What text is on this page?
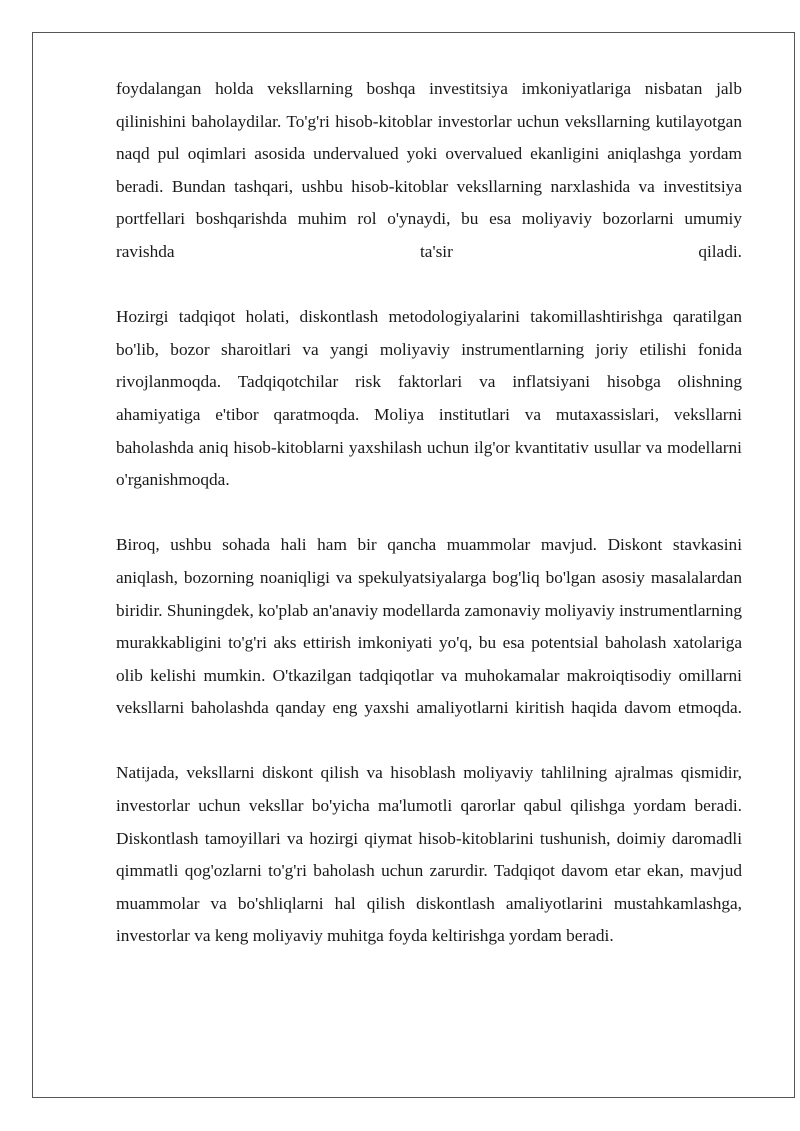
foydalangan holda veksllarning boshqa investitsiya imkoniyatlariga nisbatan jalb qilinishini baholaydilar. To'g'ri hisob-kitoblar investorlar uchun veksllarning kutilayotgan naqd pul oqimlari asosida undervalued yoki overvalued ekanligini aniqlashga yordam beradi. Bundan tashqari, ushbu hisob-kitoblar veksllarning narxlashida va investitsiya portfellari boshqarishda muhim rol o'ynaydi, bu esa moliyaviy bozorlarni umumiy ravishda ta'sir qiladi.

Hozirgi tadqiqot holati, diskontlash metodologiyalarini takomillashtirishga qaratilgan bo'lib, bozor sharoitlari va yangi moliyaviy instrumentlarning joriy etilishi fonida rivojlanmoqda. Tadqiqotchilar risk faktorlari va inflatsiyani hisobga olishning ahamiyatiga e'tibor qaratmoqda. Moliya institutlari va mutaxassislari, veksllarni baholashda aniq hisob-kitoblarni yaxshilash uchun ilg'or kvantitativ usullar va modellarni o'rganishmoqda.

Biroq, ushbu sohada hali ham bir qancha muammolar mavjud. Diskont stavkasini aniqlash, bozorning noaniqligi va spekulyatsiyalarga bog'liq bo'lgan asosiy masalalardan biridir. Shuningdek, ko'plab an'anaviy modellarda zamonaviy moliyaviy instrumentlarning murakkabligini to'g'ri aks ettirish imkoniyati yo'q, bu esa potentsial baholash xatolariga olib kelishi mumkin. O'tkazilgan tadqiqotlar va muhokamalar makroiqtisodiy omillarni veksllarni baholashda qanday eng yaxshi amaliyotlarni kiritish haqida davom etmoqda.

Natijada, veksllarni diskont qilish va hisoblash moliyaviy tahlilning ajralmas qismidir, investorlar uchun veksllar bo'yicha ma'lumotli qarorlar qabul qilishga yordam beradi. Diskontlash tamoyillari va hozirgi qiymat hisob-kitoblarini tushunish, doimiy daromadli qimmatli qog'ozlarni to'g'ri baholash uchun zarurdir. Tadqiqot davom etar ekan, mavjud muammolar va bo'shliqlarni hal qilish diskontlash amaliyotlarini mustahkamlashga, investorlar va keng moliyaviy muhitga foyda keltirishga yordam beradi.
